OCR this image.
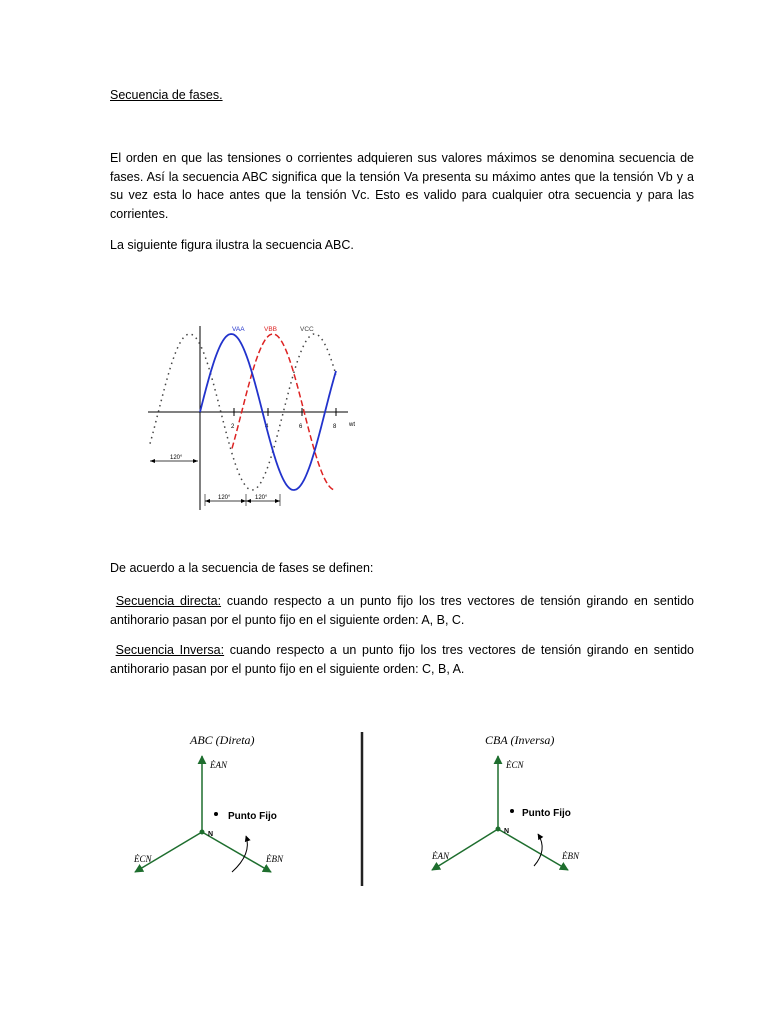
Secuencia de fases.

El orden en que las tensiones o corrientes adquieren sus valores máximos se denomina secuencia de fases. Así la secuencia ABC significa que la tensión Va presenta su máximo antes que la tensión Vb y a su vez esta lo hace antes que la tensión Vc. Esto es valido para cualquier otra secuencia y para las corrientes.

La siguiente figura ilustra la secuencia ABC.

2	4	6	8 wt
VAA	VBB	VCC
120°
120°	120°

De acuerdo a la secuencia de fases se definen:

Secuencia directa: cuando respecto a un punto fijo los tres vectores de tensión girando en sentido antihorario pasan por el punto fijo en el siguiente orden: A, B, C.

Secuencia Inversa: cuando respecto a un punto fijo los tres vectores de tensión girando en sentido antihorario pasan por el punto fijo en el siguiente orden: C, B, A.

ABC (Direta)
N
ĖAN
ĖCN	ĖBN
Punto Fijo
CBA (Inversa)
N
ĖCN
ĖAN	ĖBN
Punto Fijo
